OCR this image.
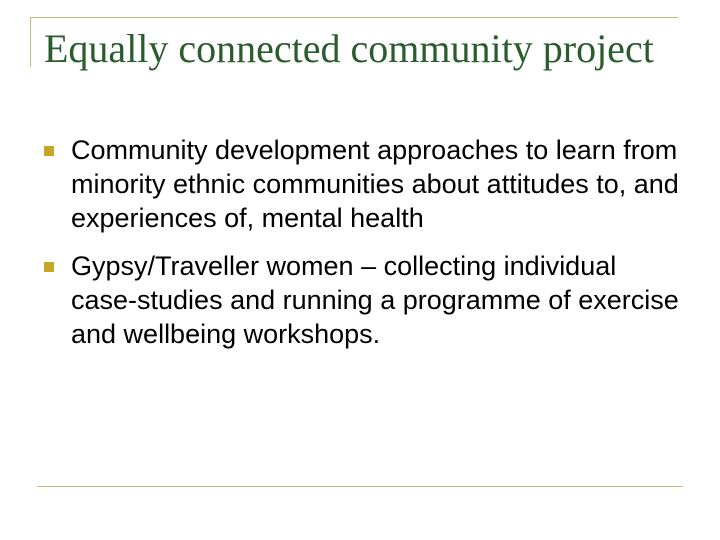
Equally connected community project
Community development approaches to learn from minority ethnic communities about attitudes to, and experiences of, mental health
Gypsy/Traveller women – collecting individual case-studies and running a programme of exercise and wellbeing workshops.
